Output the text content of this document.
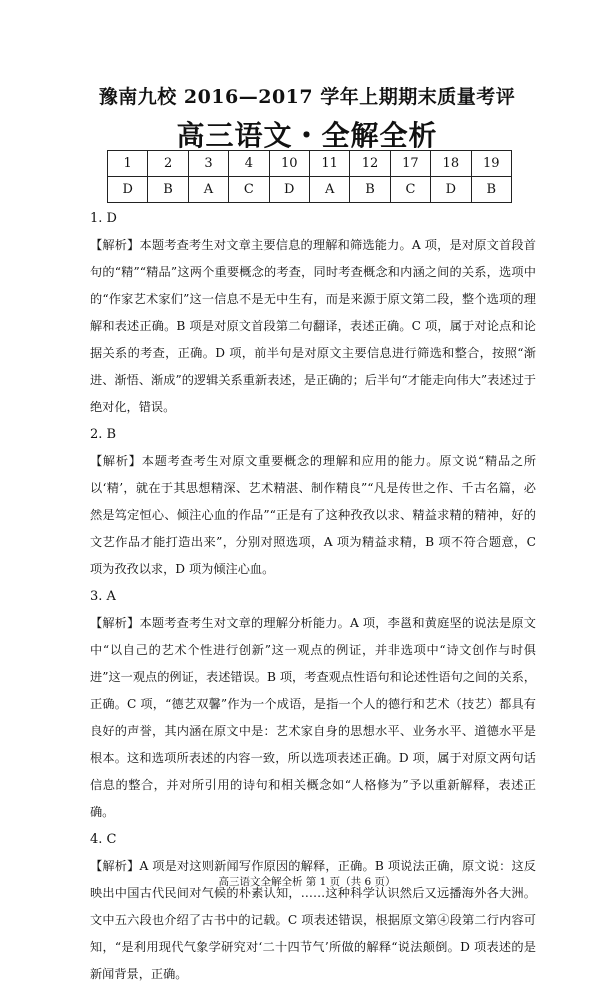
豫南九校 2016—2017 学年上期期末质量考评
高三语文・全解全析
1	2	3	4	10	11	12	17	18	19
D	B	A	C	D	A	B	C	D	B
1. D

【解析】本题考查考生对文章主要信息的理解和筛选能力。A 项，是对原文首段首句的“精”“精品”这两个重要概念的考查，同时考查概念和内涵之间的关系，选项中的“作家艺术家们”这一信息不是无中生有，而是来源于原文第二段，整个选项的理解和表述正确。B 项是对原文首段第二句翻译，表述正确。C 项，属于对论点和论据关系的考查，正确。D 项，前半句是对原文主要信息进行筛选和整合，按照“渐进、渐悟、渐成”的逻辑关系重新表述，是正确的；后半句“才能走向伟大”表述过于绝对化，错误。

2. B

【解析】本题考查考生对原文重要概念的理解和应用的能力。原文说“精品之所以‘精’，就在于其思想精深、艺术精湛、制作精良”“凡是传世之作、千古名篇，必然是笃定恒心、倾注心血的作品”“正是有了这种孜孜以求、精益求精的精神，好的文艺作品才能打造出来”，分别对照选项，A 项为精益求精，B 项不符合题意，C 项为孜孜以求，D 项为倾注心血。

3. A

【解析】本题考查考生对文章的理解分析能力。A 项，李邕和黄庭坚的说法是原文中“以自己的艺术个性进行创新”这一观点的例证，并非选项中“诗文创作与时俱进”这一观点的例证，表述错误。B 项，考查观点性语句和论述性语句之间的关系，正确。C 项，“德艺双馨”作为一个成语，是指一个人的德行和艺术（技艺）都具有良好的声誉，其内涵在原文中是：艺术家自身的思想水平、业务水平、道德水平是根本。这和选项所表述的内容一致，所以选项表述正确。D 项，属于对原文两句话信息的整合，并对所引用的诗句和相关概念如“人格修为”予以重新解释，表述正确。

4. C

【解析】A 项是对这则新闻写作原因的解释，正确。B 项说法正确，原文说：这反映出中国古代民间对气候的朴素认知，……这种科学认识然后又远播海外各大洲。文中五六段也介绍了古书中的记载。C 项表述错误，根据原文第④段第二行内容可知，“是利用现代气象学研究对‘二十四节气’所做的解释“说法颠倒。D 项表述的是新闻背景，正确。

高三语文全解全析 第 1 页（共 6 页）
